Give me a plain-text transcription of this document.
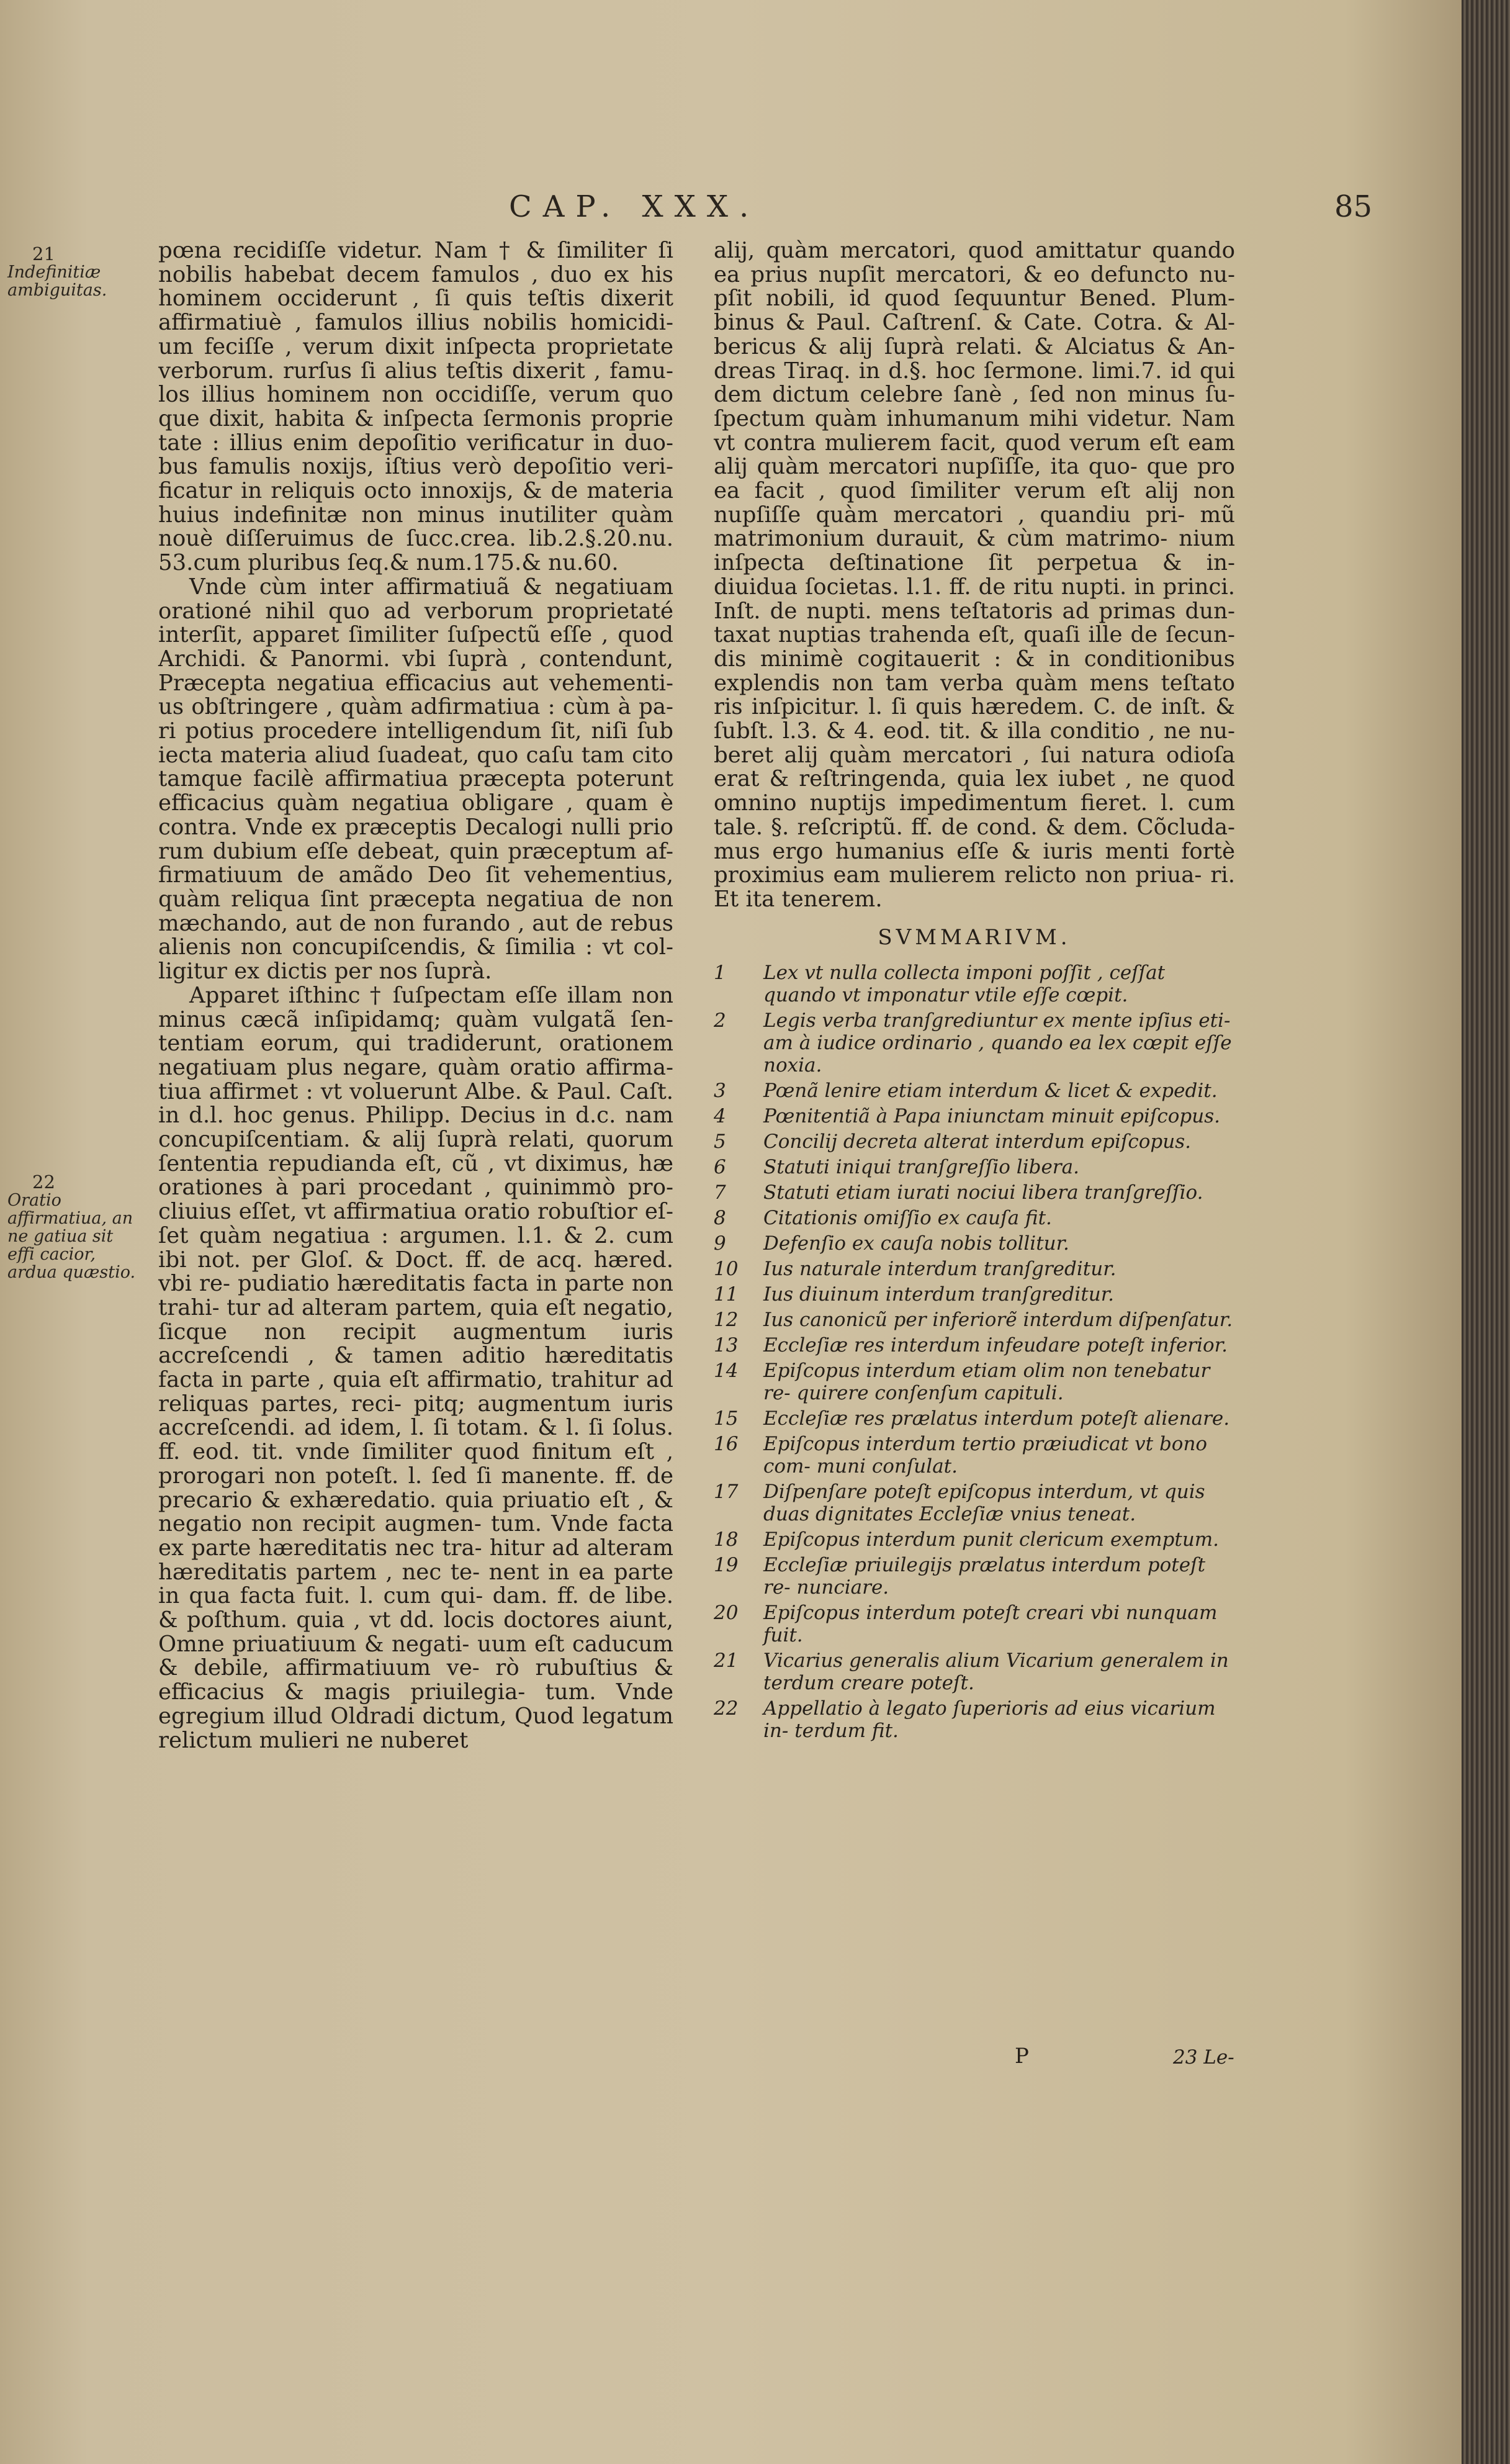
CAP. XXX.	85
21
Indefinitiæ ambiguitas.
22
Oratio affirmatiua, an ne gatiua sit effi cacior, ardua quæstio.

pœna recidiſſe videtur. Nam † & ſimiliter ſi nobilis habebat decem famulos , duo ex his hominem occiderunt , ſi quis teſtis dixerit affirmatiuè , famulos illius nobilis homicidi- um feciſſe , verum dixit inſpecta proprietate verborum. rurſus ſi alius teſtis dixerit , famu- los illius hominem non occidiſſe, verum quo que dixit, habita & inſpecta ſermonis proprie tate : illius enim depoſitio verificatur in duo- bus famulis noxijs, iſtius verò depoſitio veri- ficatur in reliquis octo innoxijs, & de materia huius indefinitæ non minus inutiliter quàm nouè diſſeruimus de ſucc.crea. lib.2.§.20.nu. 53.cum pluribus ſeq.& num.175.& nu.60.

Vnde cùm inter affirmatiuã & negatiuam orationé nihil quo ad verborum proprietaté interſit, apparet ſimiliter ſuſpectũ eſſe , quod Archidi. & Panormi. vbi ſuprà , contendunt, Præcepta negatiua efficacius aut vehementi- us obſtringere , quàm adfirmatiua : cùm à pa- ri potius procedere intelligendum ſit, niſi ſub iecta materia aliud ſuadeat, quo caſu tam cito tamque facilè affirmatiua præcepta poterunt efficacius quàm negatiua obligare , quam è contra. Vnde ex præceptis Decalogi nulli prio rum dubium eſſe debeat, quin præceptum af- firmatiuum de amãdo Deo ſit vehementius, quàm reliqua ſint præcepta negatiua de non mæchando, aut de non furando , aut de rebus alienis non concupiſcendis, & ſimilia : vt col- ligitur ex dictis per nos ſuprà.

Apparet iſthinc † ſuſpectam eſſe illam non minus cæcã inſipidamq; quàm vulgatã ſen- tentiam eorum, qui tradiderunt, orationem negatiuam plus negare, quàm oratio affirma- tiua affirmet : vt voluerunt Albe. & Paul. Caſt. in d.l. hoc genus. Philipp. Decius in d.c. nam concupiſcentiam. & alij ſuprà relati, quorum ſententia repudianda eſt, cũ , vt diximus, hæ orationes à pari procedant , quinimmò pro- cliuius eſſet, vt affirmatiua oratio robuſtior eſ- ſet quàm negatiua : argumen. l.1. & 2. cum ibi not. per Gloſ. & Doct. ff. de acq. hæred. vbi re- pudiatio hæreditatis facta in parte non trahi- tur ad alteram partem, quia eſt negatio, ſicque non recipit augmentum iuris accreſcendi , & tamen aditio hæreditatis facta in parte , quia eſt affirmatio, trahitur ad reliquas partes, reci- pitq; augmentum iuris accreſcendi. ad idem, l. ſi totam. & l. ſi ſolus. ff. eod. tit. vnde ſimiliter quod finitum eſt , prorogari non poteſt. l. ſed ſi manente. ff. de precario & exhæredatio. quia priuatio eſt , & negatio non recipit augmen- tum. Vnde facta ex parte hæreditatis nec tra- hitur ad alteram hæreditatis partem , nec te- nent in ea parte in qua facta fuit. l. cum qui- dam. ff. de libe. & poſthum. quia , vt dd. locis doctores aiunt, Omne priuatiuum & negati- uum eſt caducum & debile, affirmatiuum ve- rò rubuſtius & efficacius & magis priuilegia- tum. Vnde egregium illud Oldradi dictum, Quod legatum relictum mulieri ne nuberet

alij, quàm mercatori, quod amittatur quando ea prius nupſit mercatori, & eo defuncto nu- pſit nobili, id quod ſequuntur Bened. Plum- binus & Paul. Caſtrenſ. & Cate. Cotra. & Al- bericus & alij ſuprà relati. & Alciatus & An- dreas Tiraq. in d.§. hoc ſermone. limi.7. id qui dem dictum celebre ſanè , ſed non minus ſu- ſpectum quàm inhumanum mihi videtur. Nam vt contra mulierem facit, quod verum eſt eam alij quàm mercatori nupſiſſe, ita quo- que pro ea facit , quod ſimiliter verum eſt alij non nupſiſſe quàm mercatori , quandiu pri- mũ matrimonium durauit, & cùm matrimo- nium inſpecta deſtinatione ſit perpetua & in- diuidua ſocietas. l.1. ff. de ritu nupti. in princi. Inſt. de nupti. mens teſtatoris ad primas dun- taxat nuptias trahenda eſt, quaſi ille de ſecun- dis minimè cogitauerit : & in conditionibus explendis non tam verba quàm mens teſtato ris inſpicitur. l. ſi quis hæredem. C. de inſt. & ſubſt. l.3. & 4. eod. tit. & illa conditio , ne nu- beret alij quàm mercatori , ſui natura odioſa erat & reſtringenda, quia lex iubet , ne quod omnino nuptijs impedimentum fieret. l. cum tale. §. reſcriptũ. ff. de cond. & dem. Cõcluda- mus ergo humanius eſſe & iuris menti fortè proximius eam mulierem relicto non priua- ri. Et ita tenerem.

SVMMARIVM.
1	Lex vt nulla collecta imponi poſſit , ceſſat quando vt imponatur vtile eſſe cœpit.
2	Legis verba tranſgrediuntur ex mente ipſius eti- am à iudice ordinario , quando ea lex cœpit eſſe noxia.
3	Pœnã lenire etiam interdum & licet & expedit.
4	Pœnitentiã à Papa iniunctam minuit epiſcopus.
5	Concilij decreta alterat interdum epiſcopus.
6	Statuti iniqui tranſgreſſio libera.
7	Statuti etiam iurati nociui libera tranſgreſſio.
8	Citationis omiſſio ex cauſa fit.
9	Defenſio ex cauſa nobis tollitur.
10	Ius naturale interdum tranſgreditur.
11	Ius diuinum interdum tranſgreditur.
12	Ius canonicũ per inferiorẽ interdum diſpenſatur.
13	Eccleſiæ res interdum infeudare poteſt inferior.
14	Epiſcopus interdum etiam olim non tenebatur re- quirere conſenſum capituli.
15	Eccleſiæ res prælatus interdum poteſt alienare.
16	Epiſcopus interdum tertio præiudicat vt bono com- muni conſulat.
17	Diſpenſare poteſt epiſcopus interdum, vt quis duas dignitates Eccleſiæ vnius teneat.
18	Epiſcopus interdum punit clericum exemptum.
19	Eccleſiæ priuilegijs prælatus interdum poteſt re- nunciare.
20	Epiſcopus interdum poteſt creari vbi nunquam fuit.
21	Vicarius generalis alium Vicarium generalem in terdum creare poteſt.
22	Appellatio à legato ſuperioris ad eius vicarium in- terdum fit.
P	23 Le-
